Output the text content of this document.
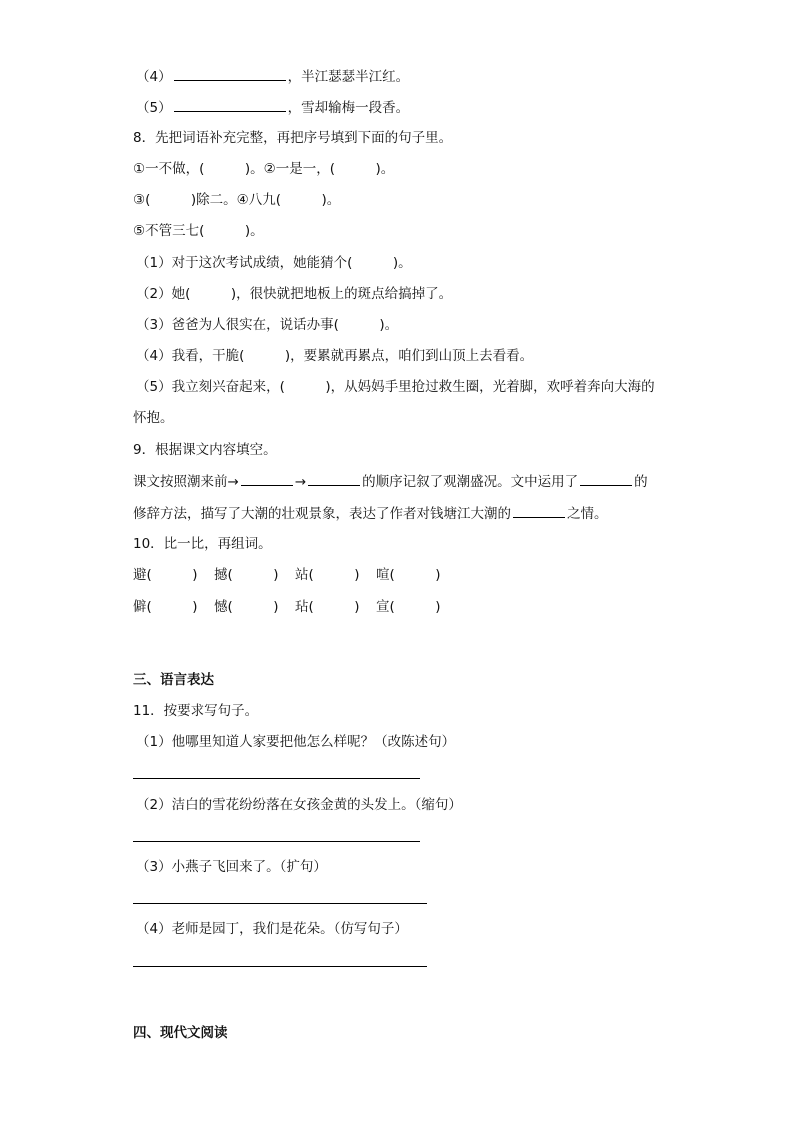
（4）	，半江瑟瑟半江红。
（5）	，雪却输梅一段香。
8．先把词语补充完整，再把序号填到下面的句子里。
①一不做，(　　　)。②一是一，(　　　)。
③(　　　)除二。④八九(　　　)。
⑤不管三七(　　　)。
（1）对于这次考试成绩，她能猜个(　　　)。
（2）她(　　　)，很快就把地板上的斑点给搞掉了。
（3）爸爸为人很实在，说话办事(　　　)。
（4）我看，干脆(　　　)，要累就再累点，咱们到山顶上去看看。
（5）我立刻兴奋起来，(　　　)，从妈妈手里抢过救生圈，光着脚，欢呼着奔向大海的
怀抱。
9．根据课文内容填空。
课文按照潮来前→	→	的顺序记叙了观潮盛况。文中运用了	的
修辞方法，描写了大潮的壮观景象，表达了作者对钱塘江大潮的	之情。
10．比一比，再组词。
避(　　　) 撼(　　　) 站(　　　) 喧(　　　)
僻(　　　) 憾(　　　) 玷(　　　) 宣(　　　)
三、语言表达
11．按要求写句子。
（1）他哪里知道人家要把他怎么样呢？（改陈述句）
（2）洁白的雪花纷纷落在女孩金黄的头发上。（缩句）
（3）小燕子飞回来了。（扩句）
（4）老师是园丁，我们是花朵。（仿写句子）
四、现代文阅读
